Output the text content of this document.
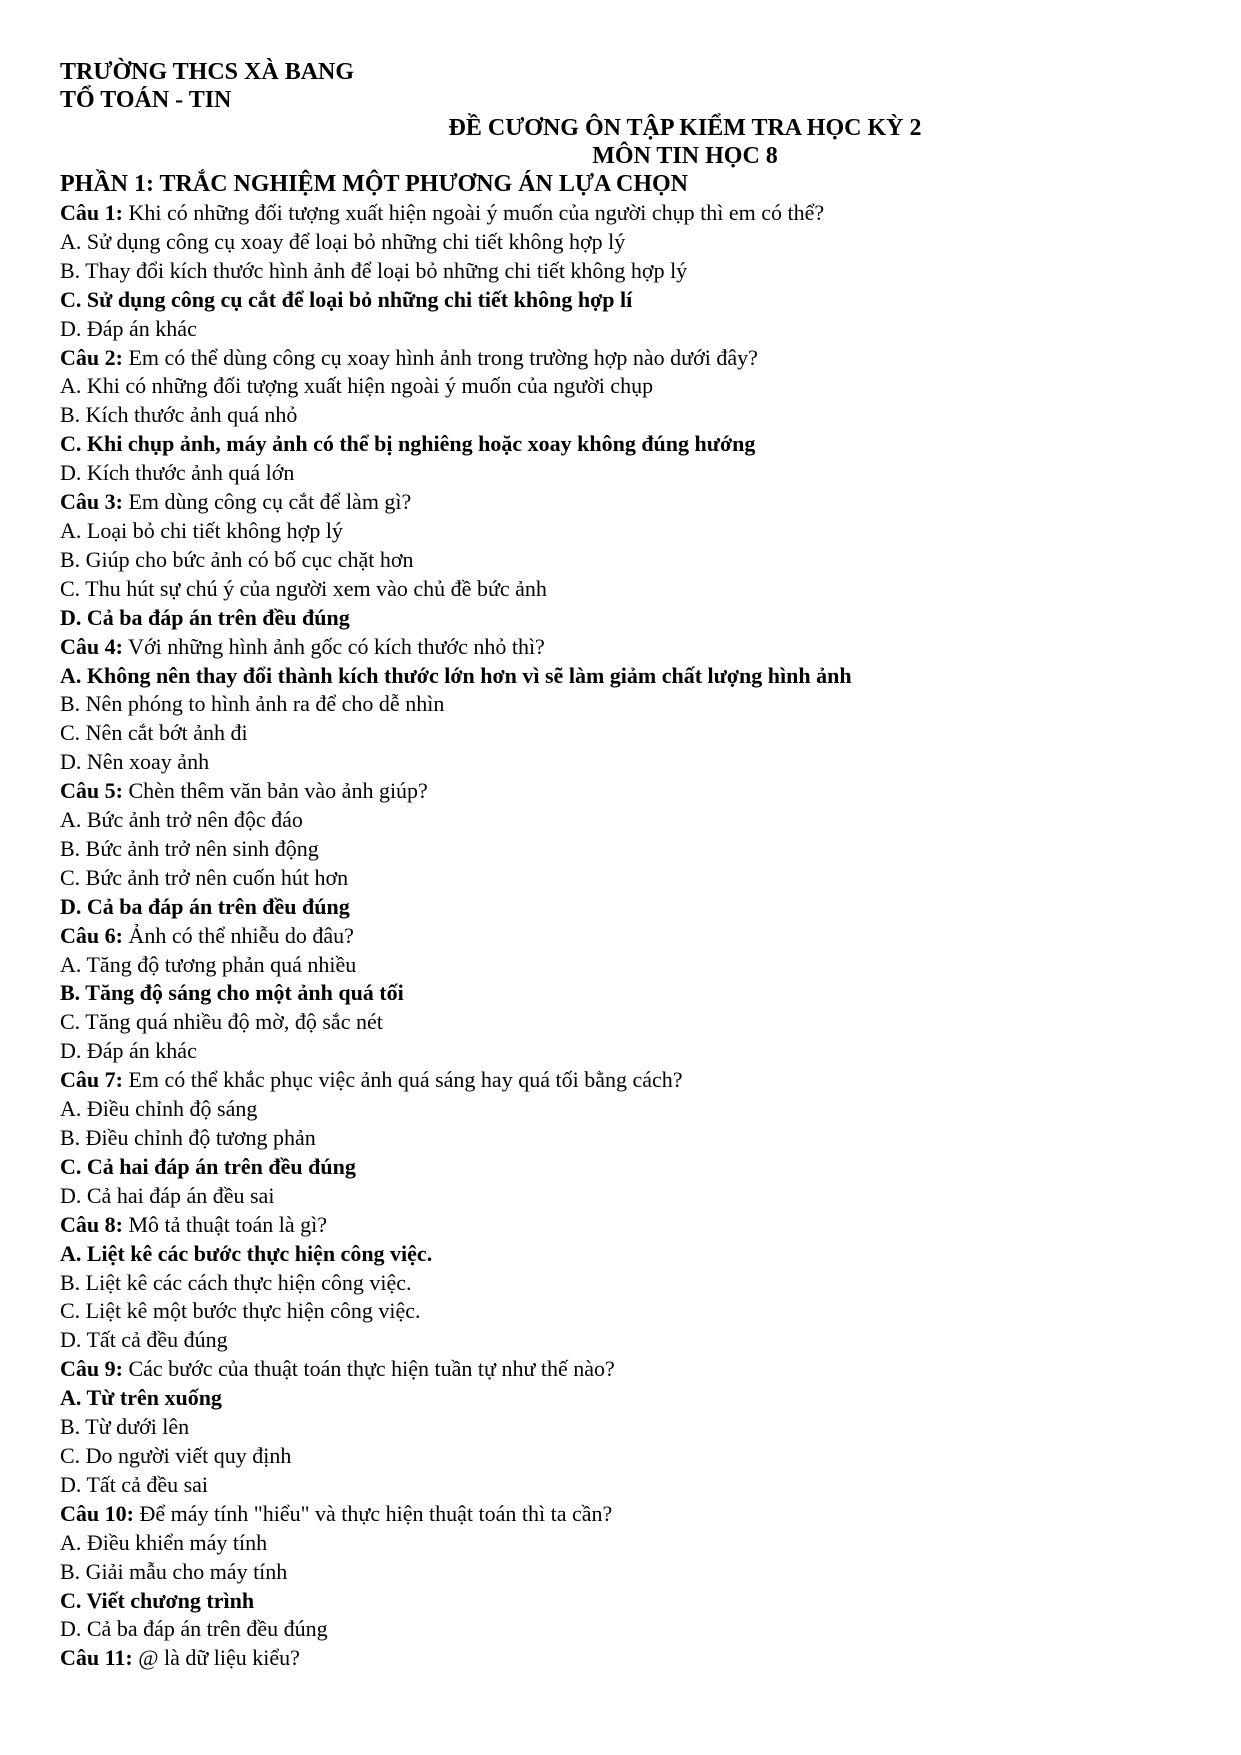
TRƯỜNG THCS XÀ BANG
TỔ TOÁN - TIN
ĐỀ CƯƠNG ÔN TẬP KIỂM TRA HỌC KỲ 2
MÔN TIN HỌC 8
PHẦN 1: TRẮC NGHIỆM MỘT PHƯƠNG ÁN LỰA CHỌN
Câu 1: Khi có những đối tượng xuất hiện ngoài ý muốn của người chụp thì em có thể?
A. Sử dụng công cụ xoay để loại bỏ những chi tiết không hợp lý
B. Thay đổi kích thước hình ảnh để loại bỏ những chi tiết không hợp lý
C. Sử dụng công cụ cắt để loại bỏ những chi tiết không hợp lí
D. Đáp án khác
Câu 2: Em có thể dùng công cụ xoay hình ảnh trong trường hợp nào dưới đây?
A. Khi có những đối tượng xuất hiện ngoài ý muốn của người chụp
B. Kích thước ảnh quá nhỏ
C. Khi chụp ảnh, máy ảnh có thể bị nghiêng hoặc xoay không đúng hướng
D. Kích thước ảnh quá lớn
Câu 3: Em dùng công cụ cắt để làm gì?
A. Loại bỏ chi tiết không hợp lý
B. Giúp cho bức ảnh có bố cục chặt hơn
C. Thu hút sự chú ý của người xem vào chủ đề bức ảnh
D. Cả ba đáp án trên đều đúng
Câu 4: Với những hình ảnh gốc có kích thước nhỏ thì?
A. Không nên thay đổi thành kích thước lớn hơn vì sẽ làm giảm chất lượng hình ảnh
B. Nên phóng to hình ảnh ra để cho dễ nhìn
C. Nên cắt bớt ảnh đi
D. Nên xoay ảnh
Câu 5: Chèn thêm văn bản vào ảnh giúp?
A. Bức ảnh trở nên độc đáo
B. Bức ảnh trở nên sinh động
C. Bức ảnh trở nên cuốn hút hơn
D. Cả ba đáp án trên đều đúng
Câu 6: Ảnh có thể nhiễu do đâu?
A. Tăng độ tương phản quá nhiều
B. Tăng độ sáng cho một ảnh quá tối
C. Tăng quá nhiều độ mờ, độ sắc nét
D. Đáp án khác
Câu 7: Em có thể khắc phục việc ảnh quá sáng hay quá tối bằng cách?
A. Điều chỉnh độ sáng
B. Điều chỉnh độ tương phản
C. Cả hai đáp án trên đều đúng
D. Cả hai đáp án đều sai
Câu 8: Mô tả thuật toán là gì?
A. Liệt kê các bước thực hiện công việc.
B. Liệt kê các cách thực hiện công việc.
C. Liệt kê một bước thực hiện công việc.
D. Tất cả đều đúng
Câu 9: Các bước của thuật toán thực hiện tuần tự như thế nào?
A. Từ trên xuống
B. Từ dưới lên
C. Do người viết quy định
D. Tất cả đều sai
Câu 10: Để máy tính "hiểu" và thực hiện thuật toán thì ta cần?
A. Điều khiển máy tính
B. Giải mẫu cho máy tính
C. Viết chương trình
D. Cả ba đáp án trên đều đúng
Câu 11: @ là dữ liệu kiểu?
